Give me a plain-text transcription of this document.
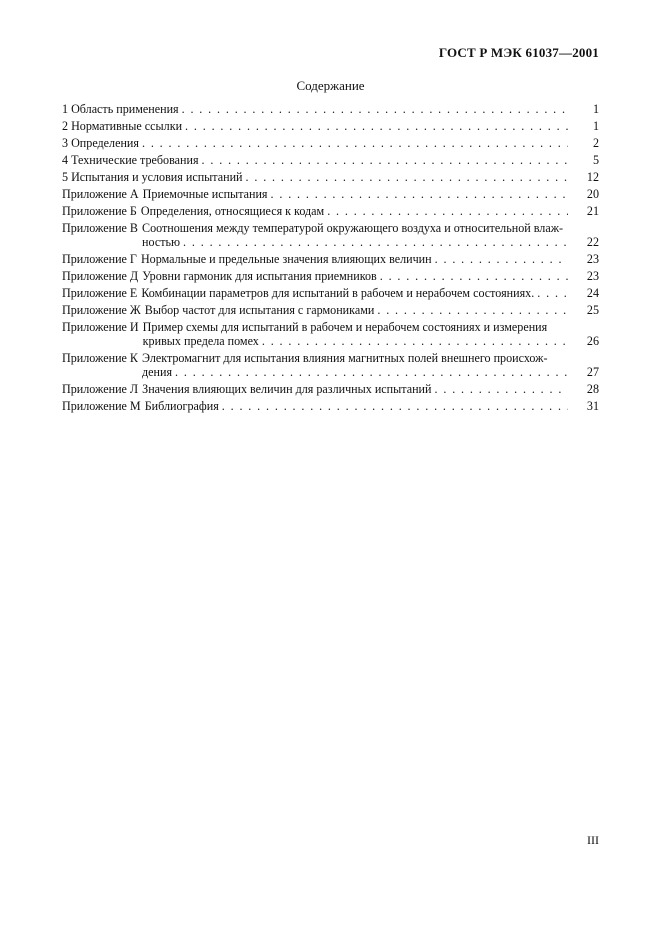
ГОСТ Р МЭК 61037—2001
Содержание
1 Область применения . . .	1
2 Нормативные ссылки . . .	1
3 Определения . . .	2
4 Технические требования . . .	5
5 Испытания и условия испытаний . . .	12
Приложение А Приемочные испытания . . .	20
Приложение Б Определения, относящиеся к кодам . . .	21
Приложение В Соотношения между температурой окружающего воздуха и относительной влаж-
ностью . . .	22
Приложение Г Нормальные и предельные значения влияющих величин . . .	23
Приложение Д Уровни гармоник для испытания приемников . . .	23
Приложение Е Комбинации параметров для испытаний в рабочем и нерабочем состояниях. . . .	24
Приложение Ж Выбор частот для испытания с гармониками . . .	25
Приложение И Пример схемы для испытаний в рабочем и нерабочем состояниях и измерения
кривых предела помех . . .	26
Приложение К Электромагнит для испытания влияния магнитных полей внешнего происхож-
дения . . .	27
Приложение Л Значения влияющих величин для различных испытаний . . .	28
Приложение М Библиография . . .	31
III
